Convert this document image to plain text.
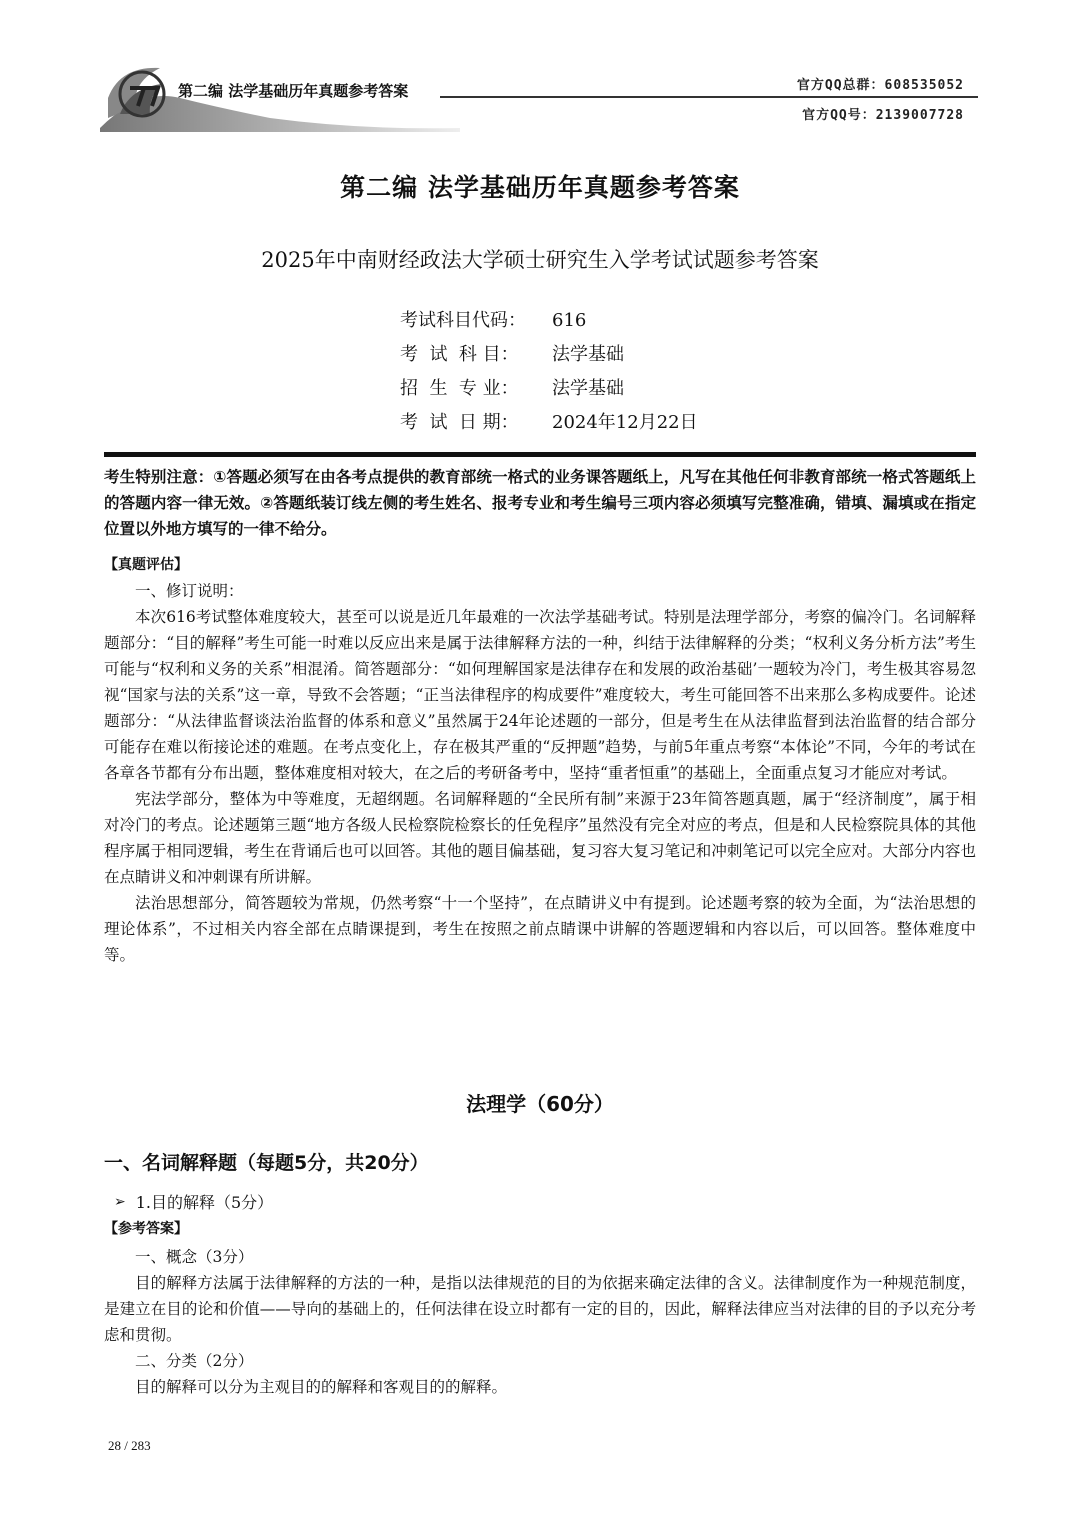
第二编 法学基础历年真题参考答案	官方QQ总群：608535052
官方QQ号：2139007728
第二编 法学基础历年真题参考答案
2025年中南财经政法大学硕士研究生入学考试试题参考答案
考试科目代码：	616
考  试  科 目：	法学基础
招  生  专 业：	法学基础
考  试  日 期：	2024年12月22日
考生特别注意：①答题必须写在由各考点提供的教育部统一格式的业务课答题纸上，凡写在其他任何非教育部统一格式答题纸上的答题内容一律无效。②答题纸装订线左侧的考生姓名、报考专业和考生编号三项内容必须填写完整准确，错填、漏填或在指定位置以外地方填写的一律不给分。
【真题评估】

一、修订说明：

本次616考试整体难度较大，甚至可以说是近几年最难的一次法学基础考试。特别是法理学部分，考察的偏冷门。名词解释题部分：“目的解释”考生可能一时难以反应出来是属于法律解释方法的一种，纠结于法律解释的分类；“权利义务分析方法”考生可能与“权利和义务的关系”相混淆。简答题部分：“如何理解国家是法律存在和发展的政治基础’一题较为冷门，考生极其容易忽视“国家与法的关系”这一章，导致不会答题；“正当法律程序的构成要件”难度较大，考生可能回答不出来那么多构成要件。论述题部分：“从法律监督谈法治监督的体系和意义”虽然属于24年论述题的一部分，但是考生在从法律监督到法治监督的结合部分可能存在难以衔接论述的难题。在考点变化上，存在极其严重的“反押题”趋势，与前5年重点考察“本体论”不同，今年的考试在各章各节都有分布出题，整体难度相对较大，在之后的考研备考中，坚持“重者恒重”的基础上，全面重点复习才能应对考试。

宪法学部分，整体为中等难度，无超纲题。名词解释题的“全民所有制”来源于23年简答题真题，属于“经济制度”，属于相对冷门的考点。论述题第三题“地方各级人民检察院检察长的任免程序”虽然没有完全对应的考点，但是和人民检察院具体的其他程序属于相同逻辑，考生在背诵后也可以回答。其他的题目偏基础，复习容大复习笔记和冲刺笔记可以完全应对。大部分内容也在点睛讲义和冲刺课有所讲解。

法治思想部分，简答题较为常规，仍然考察“十一个坚持”，在点睛讲义中有提到。论述题考察的较为全面，为“法治思想的理论体系”，不过相关内容全部在点睛课提到，考生在按照之前点睛课中讲解的答题逻辑和内容以后，可以回答。整体难度中等。

法理学（60分）
一、名词解释题（每题5分，共20分）
➢ 1.目的解释（5分）
【参考答案】

一、概念（3分）

目的解释方法属于法律解释的方法的一种，是指以法律规范的目的为依据来确定法律的含义。法律制度作为一种规范制度，是建立在目的论和价值——导向的基础上的，任何法律在设立时都有一定的目的，因此，解释法律应当对法律的目的予以充分考虑和贯彻。

二、分类（2分）

目的解释可以分为主观目的的解释和客观目的的解释。

28 / 283
